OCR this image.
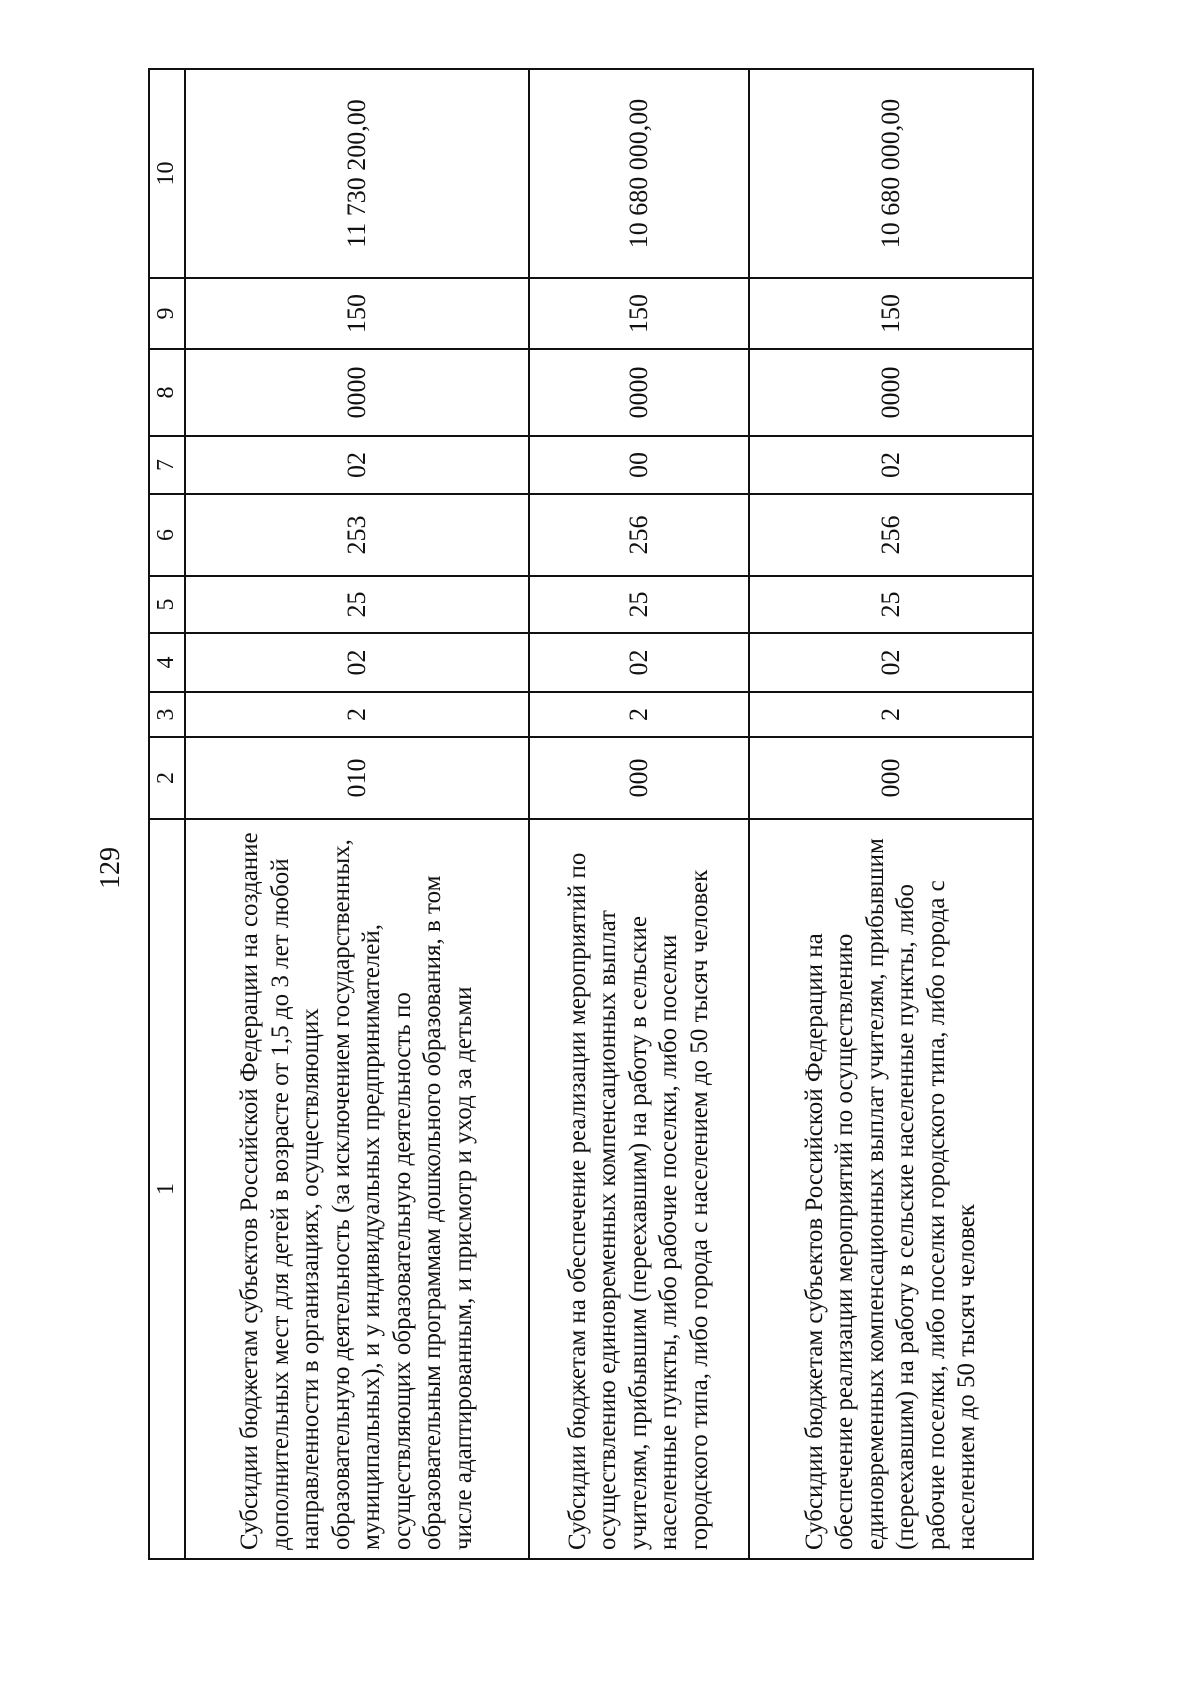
129
1	2	3	4	5	6	7	8	9	10
Субсидии бюджетам субъектов Российской Федерации на создание дополнительных мест для детей в возрасте от 1,5 до 3 лет любой направленности в организациях, осуществляющих образовательную деятельность (за исключением государственных, муниципальных), и у индивидуальных предпринимателей, осуществляющих образовательную деятельность по образовательным программам дошкольного образования, в том числе адаптированным, и присмотр и уход за детьми	010	2	02	25	253	02	0000	150	11 730 200,00
Субсидии бюджетам на обеспечение реализации мероприятий по осуществлению единовременных компенсационных выплат учителям, прибывшим (переехавшим) на работу в сельские населенные пункты, либо рабочие поселки, либо поселки городского типа, либо города с населением до 50 тысяч человек	000	2	02	25	256	00	0000	150	10 680 000,00
Субсидии бюджетам субъектов Российской Федерации на обеспечение реализации мероприятий по осуществлению единовременных компенсационных выплат учителям, прибывшим (переехавшим) на работу в сельские населенные пункты, либо рабочие поселки, либо поселки городского типа, либо города с населением до 50 тысяч человек	000	2	02	25	256	02	0000	150	10 680 000,00
